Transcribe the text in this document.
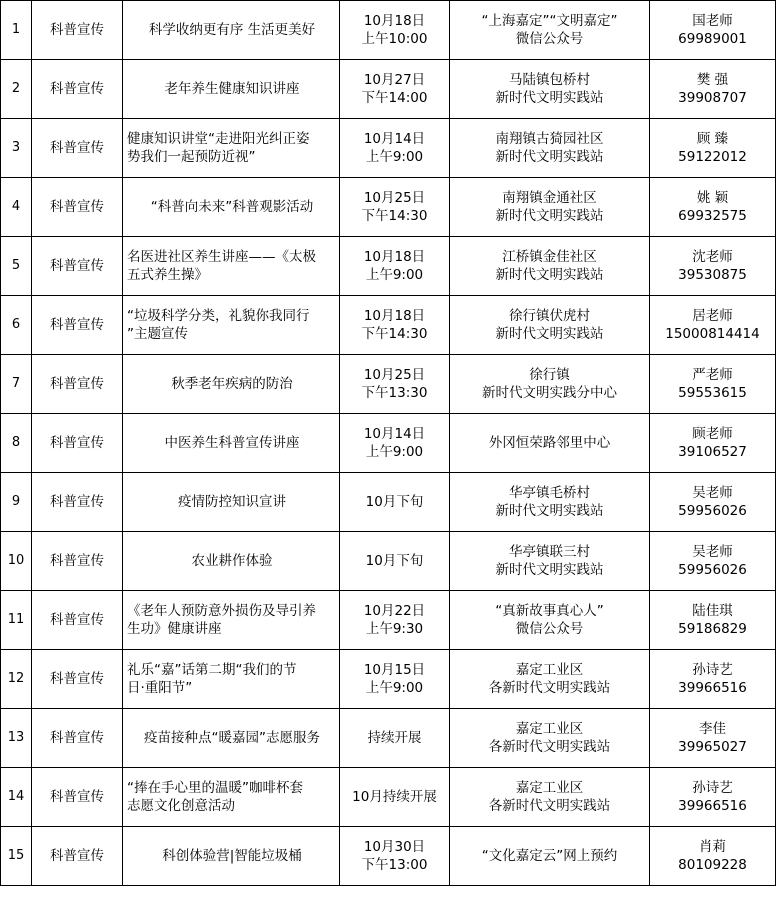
1	科普宣传	科学收纳更有序 生活更美好	10月18日
上午10:00	“上海嘉定”“文明嘉定”
微信公众号	国老师
69989001

2	科普宣传	老年养生健康知识讲座	10月27日
下午14:00	马陆镇包桥村
新时代文明实践站	樊 强
39908707

3	科普宣传	健康知识讲堂“走进阳光纠正姿
势我们一起预防近视”	10月14日
上午9:00	南翔镇古猗园社区
新时代文明实践站	顾 臻
59122012

4	科普宣传	“科普向未来”科普观影活动	10月25日
下午14:30	南翔镇金通社区
新时代文明实践站	姚 颖
69932575

5	科普宣传	名医进社区养生讲座——《太极
五式养生操》	10月18日
上午9:00	江桥镇金佳社区
新时代文明实践站	沈老师
39530875

6	科普宣传	“垃圾科学分类，礼貌你我同行
”主题宣传	10月18日
下午14:30	徐行镇伏虎村
新时代文明实践站	居老师
15000814414

7	科普宣传	秋季老年疾病的防治	10月25日
下午13:30	徐行镇
新时代文明实践分中心	严老师
59553615

8	科普宣传	中医养生科普宣传讲座	10月14日
上午9:00	外冈恒荣路邻里中心	顾老师
39106527

9	科普宣传	疫情防控知识宣讲	10月下旬	华亭镇毛桥村
新时代文明实践站	吴老师
59956026

10	科普宣传	农业耕作体验	10月下旬	华亭镇联三村
新时代文明实践站	吴老师
59956026

11	科普宣传	《老年人预防意外损伤及导引养
生功》健康讲座	10月22日
上午9:30	“真新故事真心人”
微信公众号	陆佳琪
59186829

12	科普宣传	礼乐“嘉”话第二期“我们的节
日·重阳节”	10月15日
上午9:00	嘉定工业区
各新时代文明实践站	孙诗艺
39966516

13	科普宣传	疫苗接种点“暖嘉园”志愿服务	持续开展	嘉定工业区
各新时代文明实践站	李佳
39965027

14	科普宣传	“捧在手心里的温暖”咖啡杯套
志愿文化创意活动	10月持续开展	嘉定工业区
各新时代文明实践站	孙诗艺
39966516

15	科普宣传	科创体验营|智能垃圾桶	10月30日
下午13:00	“文化嘉定云”网上预约	肖莉
80109228
